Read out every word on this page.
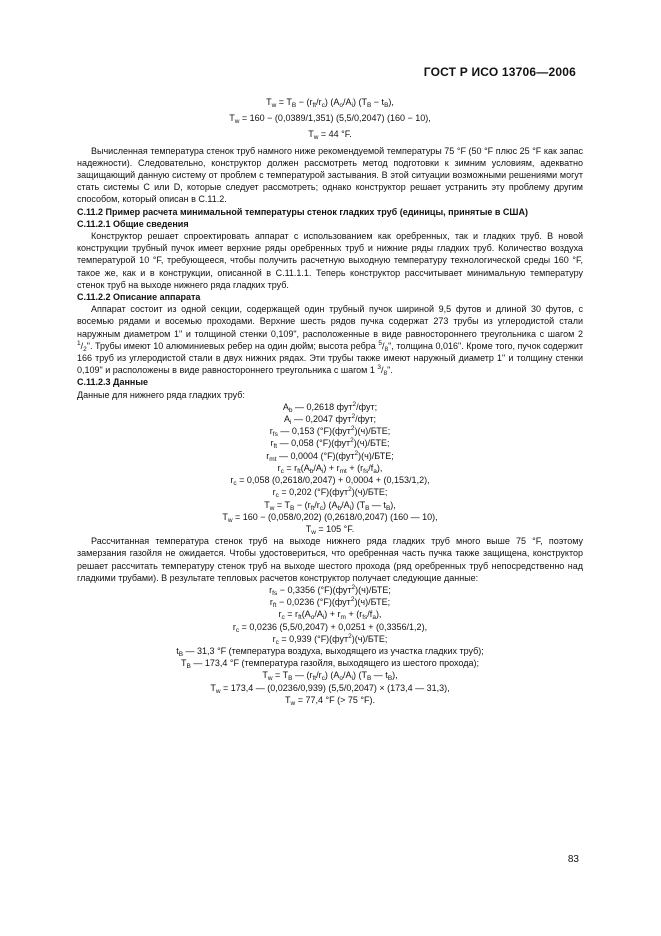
ГОСТ Р ИСО 13706—2006
$T_w = T_B - (r_{ft}/r_c)$ $(A_o/A_i) (T_B - t_B)$,
$T_w = 160 - (0,0389/1,351)$ (5,5/0,2047) (160 − 10),
$T_w = 44$ °F.
Вычисленная температура стенок труб намного ниже рекомендуемой температуры 75 °F (50 °F плюс 25 °F как запас надежности). Следовательно, конструктор должен рассмотреть метод подготовки к зимним условиям, адекватно защищающий данную систему от проблем с температурой застывания. В этой ситуации возможными решениями могут стать системы C или D, которые следует рассмотреть; однако конструктор решает устранить эту проблему другим способом, который описан в C.11.2.
C.11.2 Пример расчета минимальной температуры стенок гладких труб (единицы, принятые в США)
C.11.2.1 Общие сведения
Конструктор решает спроектировать аппарат с использованием как оребренных, так и гладких труб. В новой конструкции трубный пучок имеет верхние ряды оребренных труб и нижние ряды гладких труб. Количество воздуха температурой 10 °F, требующееся, чтобы получить расчетную выходную температуру технологической среды 160 °F, такое же, как и в конструкции, описанной в C.11.1.1. Теперь конструктор рассчитывает минимальную температуру стенок труб на выходе нижнего ряда гладких труб.
C.11.2.2 Описание аппарата
Аппарат состоит из одной секции, содержащей один трубный пучок шириной 9,5 футов и длиной 30 футов, с восемью рядами и восемью проходами. Верхние шесть рядов пучка содержат 273 трубы из углеродистой стали наружным диаметром 1" и толщиной стенки 0,109", расположенные в виде равностороннего треугольника с шагом 2 $^1/_2$". Трубы имеют 10 алюминиевых ребер на один дюйм; высота ребра $^5/_8$", толщина 0,016". Кроме того, пучок содержит 166 труб из углеродистой стали в двух нижних рядах. Эти трубы также имеют наружный диаметр 1" и толщину стенки 0,109" и расположены в виде равностороннего треугольника с шагом 1 $^3/_8$".
C.11.2.3 Данные
Данные для нижнего ряда гладких труб:
$A_b$ — 0,2618 фут$^2$/фут;
$A_i$ — 0,2047 фут$^2$/фут;
$r_{fs}$ — 0,153 (°F)(фут$^2$)(ч)/БТЕ;
$r_{ft}$ — 0,058 (°F)(фут$^2$)(ч)/БТЕ;
$r_{mt}$ — 0,0004 (°F)(фут$^2$)(ч)/БТЕ;
$r_c = r_{ft}(A_b/A_i) + r_{mt} + (r_{fs}/f_a)$,
$r_c = 0,058$ (0,2618/0,2047) + 0,0004 + (0,153/1,2),
$r_c = 0,202$ (°F)(фут$^2$)(ч)/БТЕ;
$T_w = T_B - (r_{ft}/r_c)$ $(A_b/A_i)$ ($T_B$ — $t_B$),
$T_w = 160 - (0,058/0,202)$ (0,2618/0,2047) (160 — 10),
$T_w = 105$ °F.
Рассчитанная температура стенок труб на выходе нижнего ряда гладких труб много выше 75 °F, поэтому замерзания газойля не ожидается. Чтобы удостовериться, что оребренная часть пучка также защищена, конструктор решает рассчитать температуру стенок труб на выходе шестого прохода (ряд оребренных труб непосредственно над гладкими трубами). В результате тепловых расчетов конструктор получает следующие данные:
$r_{fs} - 0,3356$ (°F)(фут$^2$)(ч)/БТЕ;
$r_{ft} - 0,0236$ (°F)(фут$^2$)(ч)/БТЕ;
$r_c = r_{ft}(A_o/A_i) + r_m + (r_{fs}/f_a)$,
$r_c = 0,0236$ (5,5/0,2047) + 0,0251 + (0,3356/1,2),
$r_c = 0,939$ (°F)(фут$^2$)(ч)/БТЕ;
$t_B$ — 31,3 °F (температура воздуха, выходящего из участка гладких труб);
$T_B$ — 173,4 °F (температура газойля, выходящего из шестого прохода);
$T_w = T_B$ — $(r_{ft}/r_c)$ $(A_o/A_i)$ ($T_B$ — $t_B$),
$T_w = 173,4$ — (0,0236/0,939) (5,5/0,2047) × (173,4 — 31,3),
$T_w = 77,4$ °F (> 75 °F).
83
